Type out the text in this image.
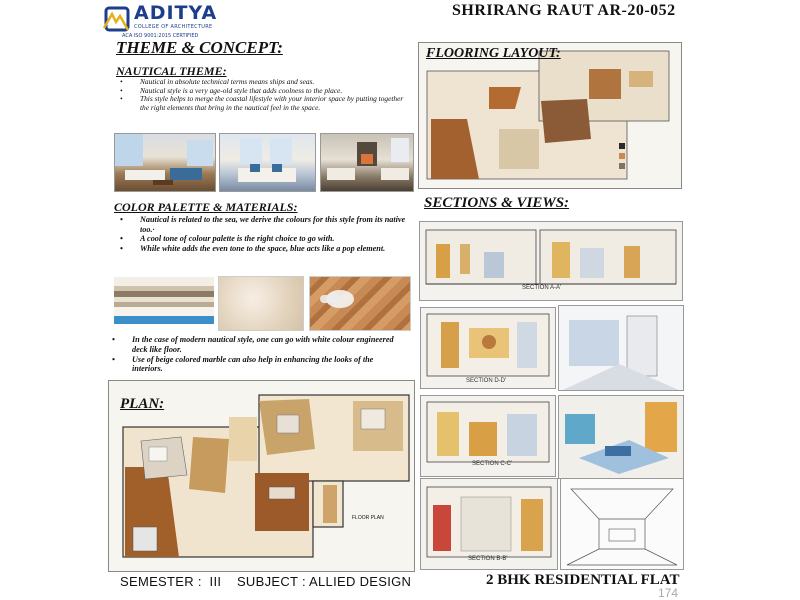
ADITYA
COLLEGE OF ARCHITECTURE
ACA ISO 9001:2015 CERTIFIED
SHRIRANG RAUT AR-20-052
THEME & CONCEPT:
NAUTICAL THEME:
• Nautical in absolute technical terms means ships and seas.
• Nautical style is a very age-old style that adds coolness to the place.
• This style helps to merge the coastal lifestyle with your interior space by putting together the right elements that bring in the nautical feel in the space.
COLOR PALETTE & MATERIALS:
• Nautical is related to the sea, we derive the colours for this style from its native too.·
• A cool tone of colour palette is the right choice to go with.
• While white adds the even tone to the space, blue acts like a pop element.
• In the case of modern nautical style, one can go with white colour engineered deck like floor.
• Use of beige colored marble can also help in enhancing the looks of the interiors.
FLOORING LAYOUT:
SECTIONS & VIEWS:
SECTION A-A'
SECTION D-D'
SECTION C-C'
SECTION B-B'
PLAN:
FLOOR PLAN
SEMESTER :  III    SUBJECT : ALLIED DESIGN	2 BHK RESIDENTIAL FLAT
174
